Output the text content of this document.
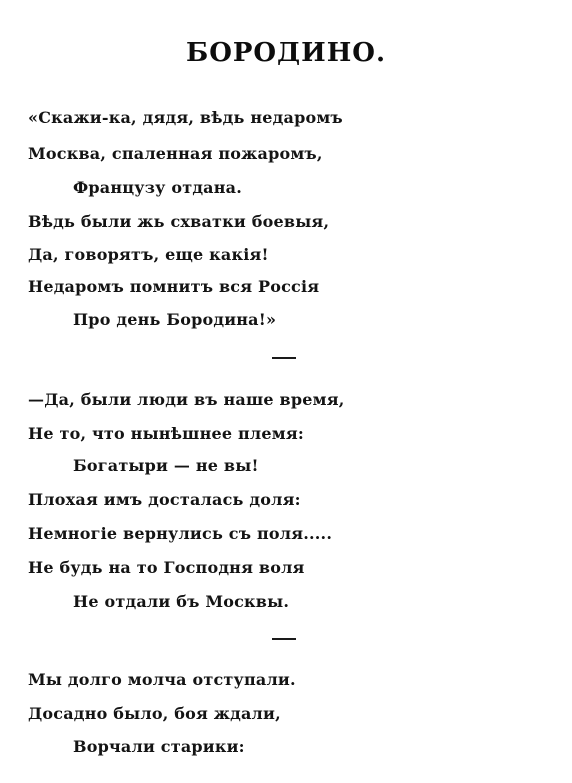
БОРОДИНО.
«Скажи-ка, дядя, вѣдь недаромъ
Москва, спаленная пожаромъ,
Французу отдана.
Вѣдь были жь схватки боевыя,
Да, говорятъ, еще какія!
Недаромъ помнитъ вся Россія
Про день Бородина!»
—Да, были люди въ наше время,
Не то, что нынѣшнее племя:
Богатыри — не вы!
Плохая имъ досталась доля:
Немногіе вернулись съ поля.....
Не будь на то Господня воля
Не отдали бъ Москвы.
Мы долго молча отступали.
Досадно было, боя ждали,
Ворчали старики:
